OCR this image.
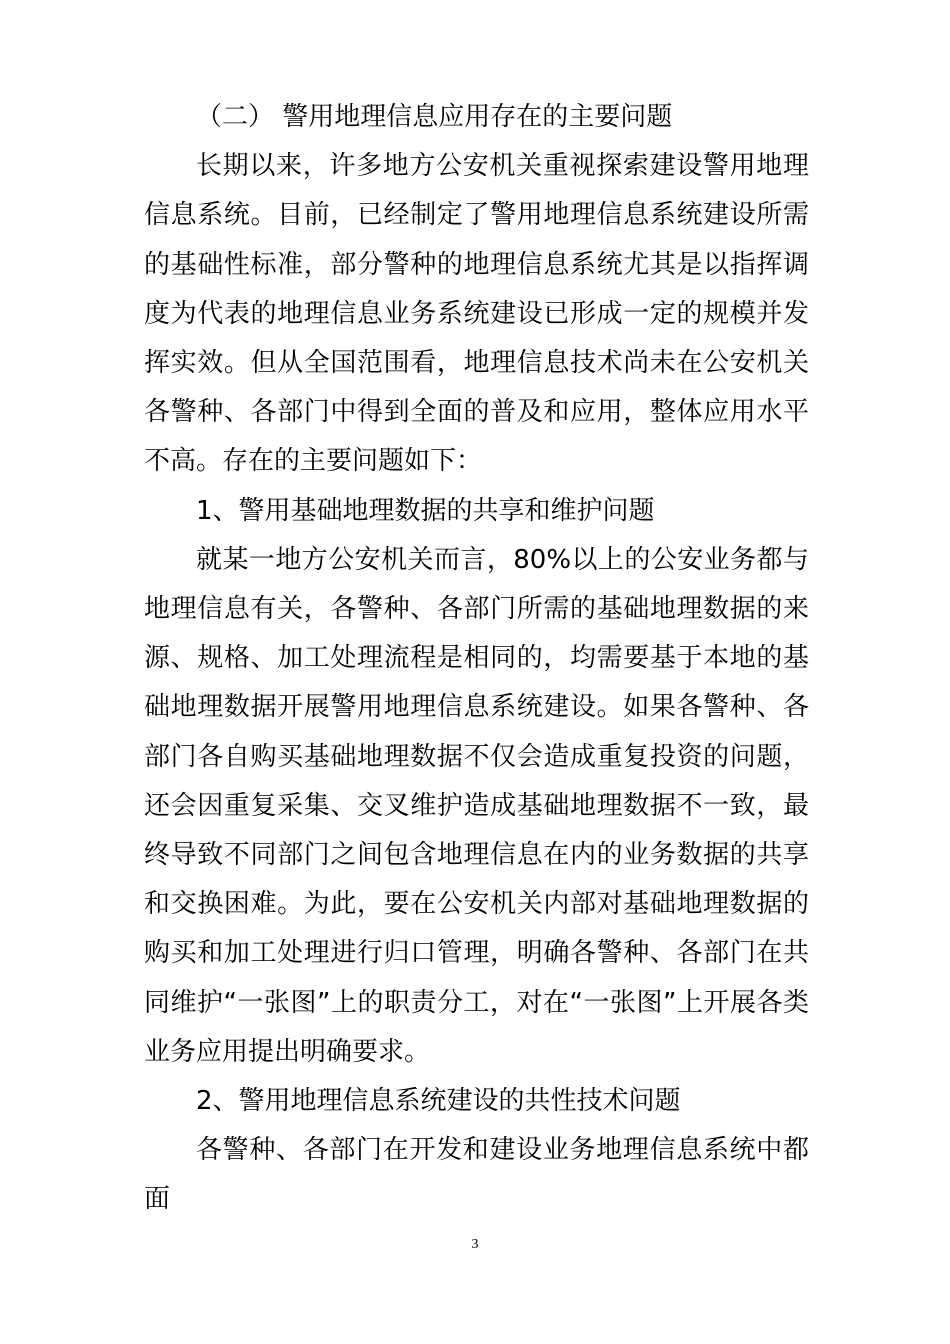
（二） 警用地理信息应用存在的主要问题

长期以来，许多地方公安机关重视探索建设警用地理信息系统。目前，已经制定了警用地理信息系统建设所需的基础性标准，部分警种的地理信息系统尤其是以指挥调度为代表的地理信息业务系统建设已形成一定的规模并发挥实效。但从全国范围看，地理信息技术尚未在公安机关各警种、各部门中得到全面的普及和应用，整体应用水平不高。存在的主要问题如下：

1、警用基础地理数据的共享和维护问题

就某一地方公安机关而言，80%以上的公安业务都与地理信息有关，各警种、各部门所需的基础地理数据的来源、规格、加工处理流程是相同的，均需要基于本地的基础地理数据开展警用地理信息系统建设。如果各警种、各部门各自购买基础地理数据不仅会造成重复投资的问题，还会因重复采集、交叉维护造成基础地理数据不一致，最终导致不同部门之间包含地理信息在内的业务数据的共享和交换困难。为此，要在公安机关内部对基础地理数据的购买和加工处理进行归口管理，明确各警种、各部门在共同维护“一张图”上的职责分工，对在“一张图”上开展各类业务应用提出明确要求。

2、警用地理信息系统建设的共性技术问题

各警种、各部门在开发和建设业务地理信息系统中都面

3
